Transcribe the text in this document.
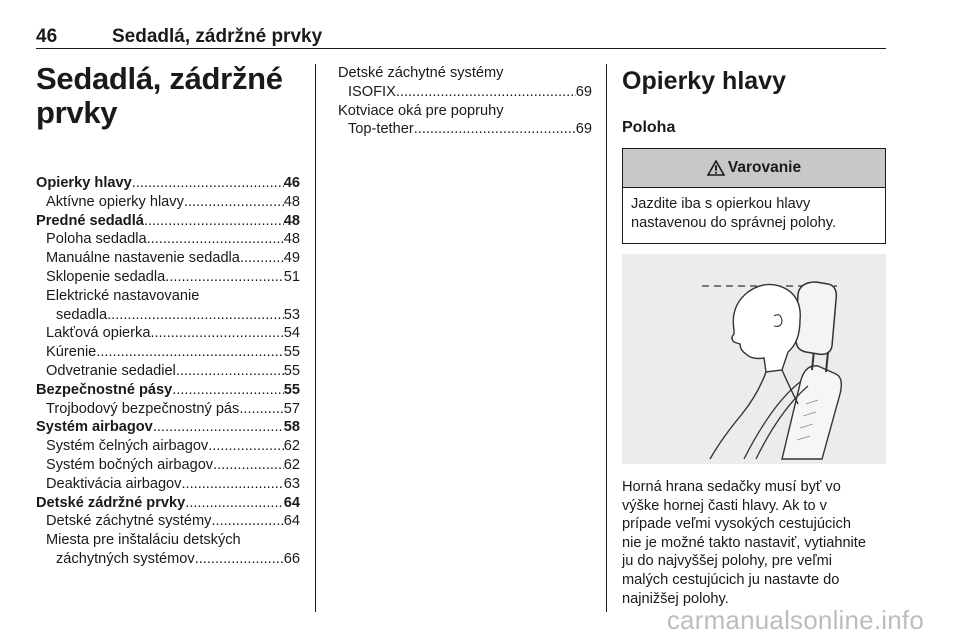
46	Sedadlá, zádržné prvky
Sedadlá, zádržné
prvky
Opierky hlavy .....	46
Aktívne opierky hlavy .....	48
Predné sedadlá .....	48
Poloha sedadla .....	48
Manuálne nastavenie sedadla .....	49
Sklopenie sedadla .....	51
Elektrické nastavovanie
sedadla .....	53
Lakťová opierka .....	54
Kúrenie .....	55
Odvetranie sedadiel .....	55
Bezpečnostné pásy .....	55
Trojbodový bezpečnostný pás .....	57
Systém airbagov .....	58
Systém čelných airbagov .....	62
Systém bočných airbagov .....	62
Deaktivácia airbagov .....	63
Detské zádržné prvky .....	64
Detské záchytné systémy .....	64
Miesta pre inštaláciu detských
záchytných systémov .....	66
Detské záchytné systémy
ISOFIX .....	69
Kotviace oká pre popruhy
Top-tether .....	69
Opierky hlavy
Poloha
Varovanie
Jazdite iba s opierkou hlavy
nastavenou do správnej polohy.
Horná hrana sedačky musí byť vo
výške hornej časti hlavy. Ak to v
prípade veľmi vysokých cestujúcich
nie je možné takto nastaviť, vytiahnite
ju do najvyššej polohy, pre veľmi
malých cestujúcich ju nastavte do
najnižšej polohy.
carmanualsonline.info
